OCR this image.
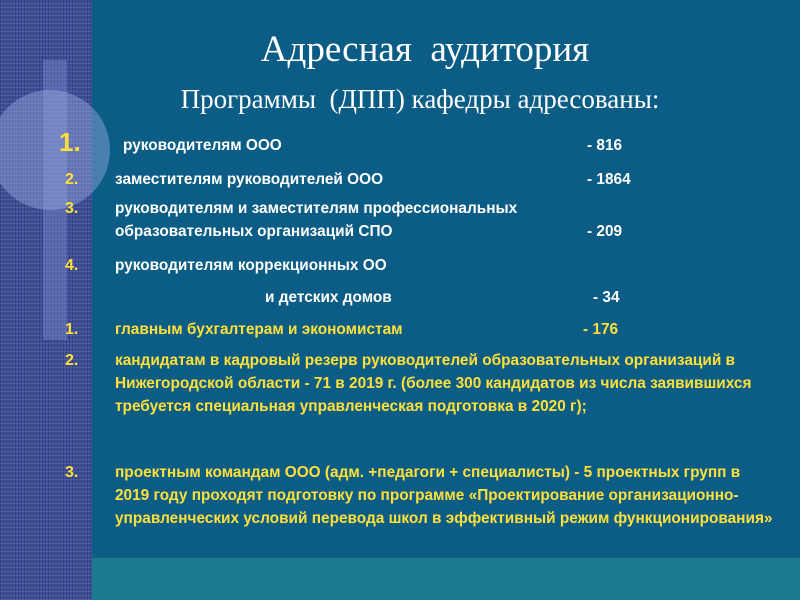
Адресная  аудитория
Программы  (ДПП) кафедры адресованы:
1.	руководителям ООО	- 816
2. заместителям руководителей ООО	- 1864
3. руководителям и заместителям профессиональных
образовательных организаций СПО	- 209
4. руководителям коррекционных ОО
и детских домов	- 34
1. главным бухгалтерам и экономистам	- 176
2. кандидатам в кадровый резерв руководителей образовательных организаций в Нижегородской области - 71 в 2019 г. (более 300 кандидатов из числа заявившихся требуется специальная управленческая подготовка в 2020 г);
3. проектным командам ООО (адм. +педагоги + специалисты) - 5 проектных групп в 2019 году проходят подготовку по программе «Проектирование организационно-управленческих условий перевода школ в эффективный режим функционирования»
